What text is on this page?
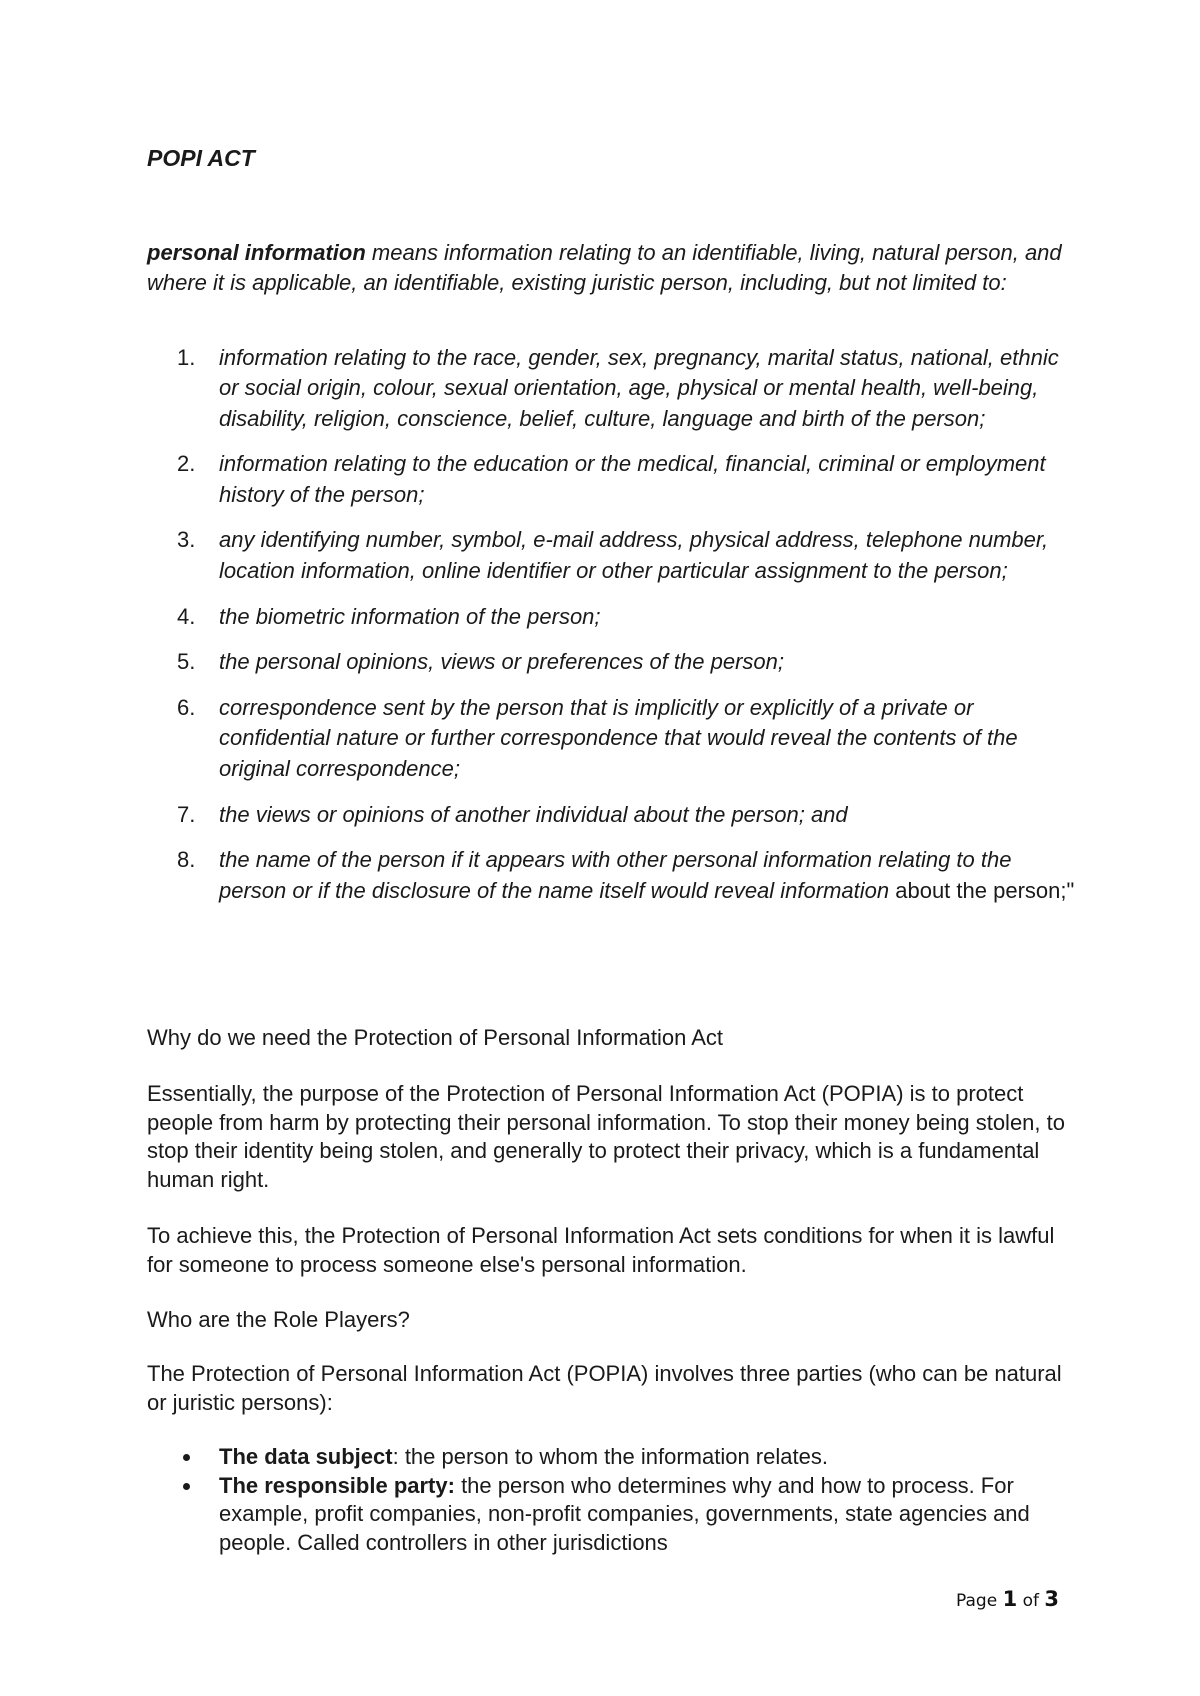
POPI ACT

personal information means information relating to an identifiable, living, natural person, and where it is applicable, an identifiable, existing juristic person, including, but not limited to:

1. information relating to the race, gender, sex, pregnancy, marital status, national, ethnic or social origin, colour, sexual orientation, age, physical or mental health, well-being, disability, religion, conscience, belief, culture, language and birth of the person;
2. information relating to the education or the medical, financial, criminal or employment history of the person;
3. any identifying number, symbol, e-mail address, physical address, telephone number, location information, online identifier or other particular assignment to the person;
4. the biometric information of the person;
5. the personal opinions, views or preferences of the person;
6. correspondence sent by the person that is implicitly or explicitly of a private or confidential nature or further correspondence that would reveal the contents of the original correspondence;
7. the views or opinions of another individual about the person; and
8. the name of the person if it appears with other personal information relating to the person or if the disclosure of the name itself would reveal information about the person;"

Why do we need the Protection of Personal Information Act

Essentially, the purpose of the Protection of Personal Information Act (POPIA) is to protect people from harm by protecting their personal information. To stop their money being stolen, to stop their identity being stolen, and generally to protect their privacy, which is a fundamental human right.

To achieve this, the Protection of Personal Information Act sets conditions for when it is lawful for someone to process someone else's personal information.

Who are the Role Players?

The Protection of Personal Information Act (POPIA) involves three parties (who can be natural or juristic persons):

The data subject: the person to whom the information relates.
The responsible party: the person who determines why and how to process. For example, profit companies, non-profit companies, governments, state agencies and people. Called controllers in other jurisdictions
Page 1 of 3
